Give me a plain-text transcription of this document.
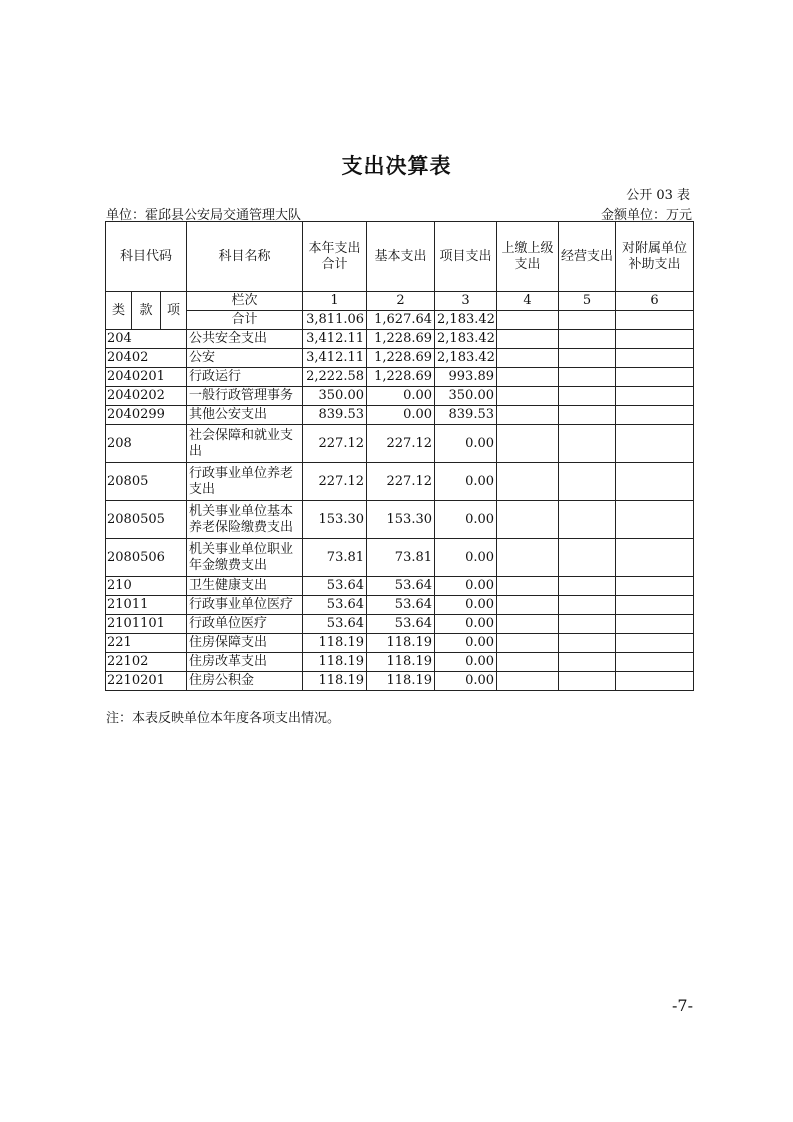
支出决算表
公开 03 表
单位：霍邱县公安局交通管理大队	金额单位：万元
科目代码			科目名称	本年支出合计	基本支出	项目支出	上缴上级支出	经营支出	对附属单位补助支出
类	款	项	栏次	1	2	3	4	5	6
			合计	3,811.06	1,627.64	2,183.42			
204			公共安全支出	3,412.11	1,228.69	2,183.42			
20402			公安	3,412.11	1,228.69	2,183.42			
2040201			行政运行	2,222.58	1,228.69	993.89			
2040202			一般行政管理事务	350.00	0.00	350.00			
2040299			其他公安支出	839.53	0.00	839.53			
208			社会保障和就业支出	227.12	227.12	0.00			
20805			行政事业单位养老支出	227.12	227.12	0.00			
2080505			机关事业单位基本养老保险缴费支出	153.30	153.30	0.00			
2080506			机关事业单位职业年金缴费支出	73.81	73.81	0.00			
210			卫生健康支出	53.64	53.64	0.00			
21011			行政事业单位医疗	53.64	53.64	0.00			
2101101			行政单位医疗	53.64	53.64	0.00			
221			住房保障支出	118.19	118.19	0.00			
22102			住房改革支出	118.19	118.19	0.00			
2210201			住房公积金	118.19	118.19	0.00			
注：本表反映单位本年度各项支出情况。
-7-
